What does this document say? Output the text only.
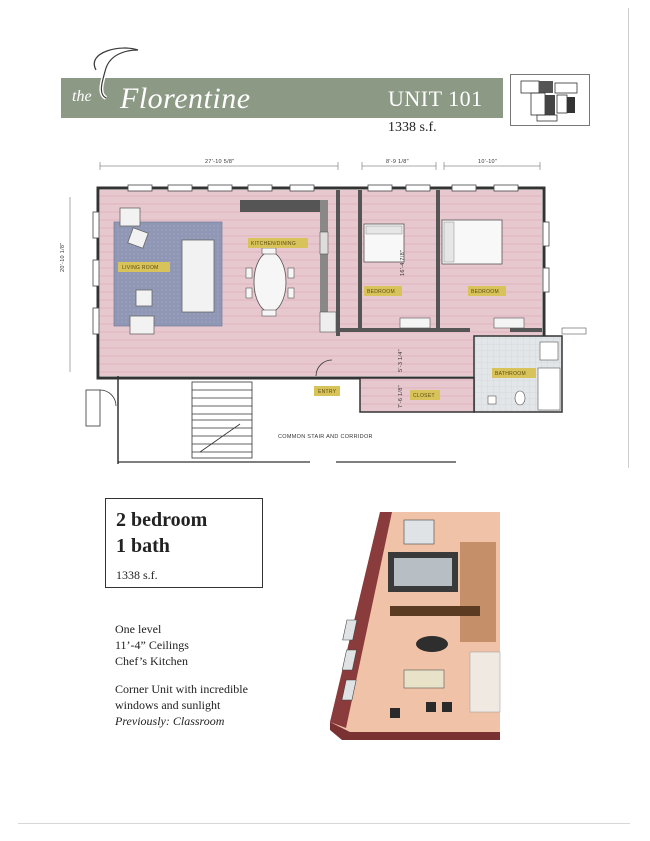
the Florentine	UNIT 101
1338 s.f.
27'-10 5/8"	8'-9 1/8"	10'-10"
20'-10 1/8"	LIVING ROOM
KITCHEN/DINING
BEDROOM	BEDROOM
BATHROOM
ENTRY
CLOSET
COMMON STAIR AND CORRIDOR
16'-4 7/8"
5'-3 1/4"
7'-6 1/8"
2 bedroom
1 bath
1338 s.f.
One level
11’-4” Ceilings
Chef’s Kitchen
Corner Unit with incredible
windows and sunlight
Previously: Classroom
